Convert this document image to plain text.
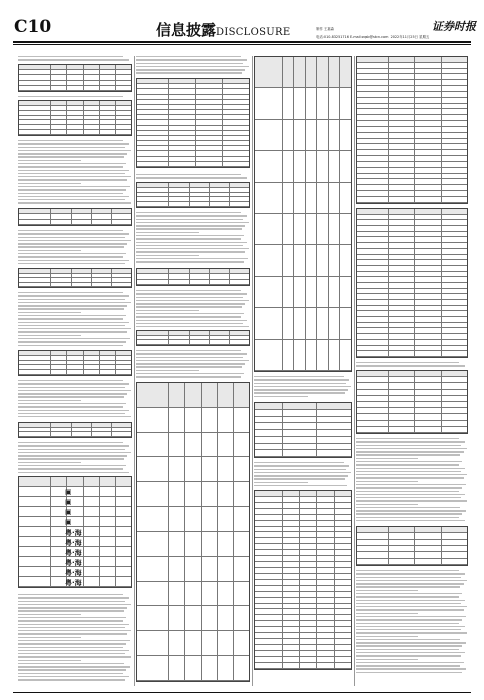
C10	信息披露DISCLOSURE	制作 王嘉森
电话:010-83251716 E-mail:zqsb@stcn.com 2022年11月25日 星期五
证券时报
▣
▣
▣
▣
粤·海
粤·海
粤·海
粤·海
粤·海
粤·海
